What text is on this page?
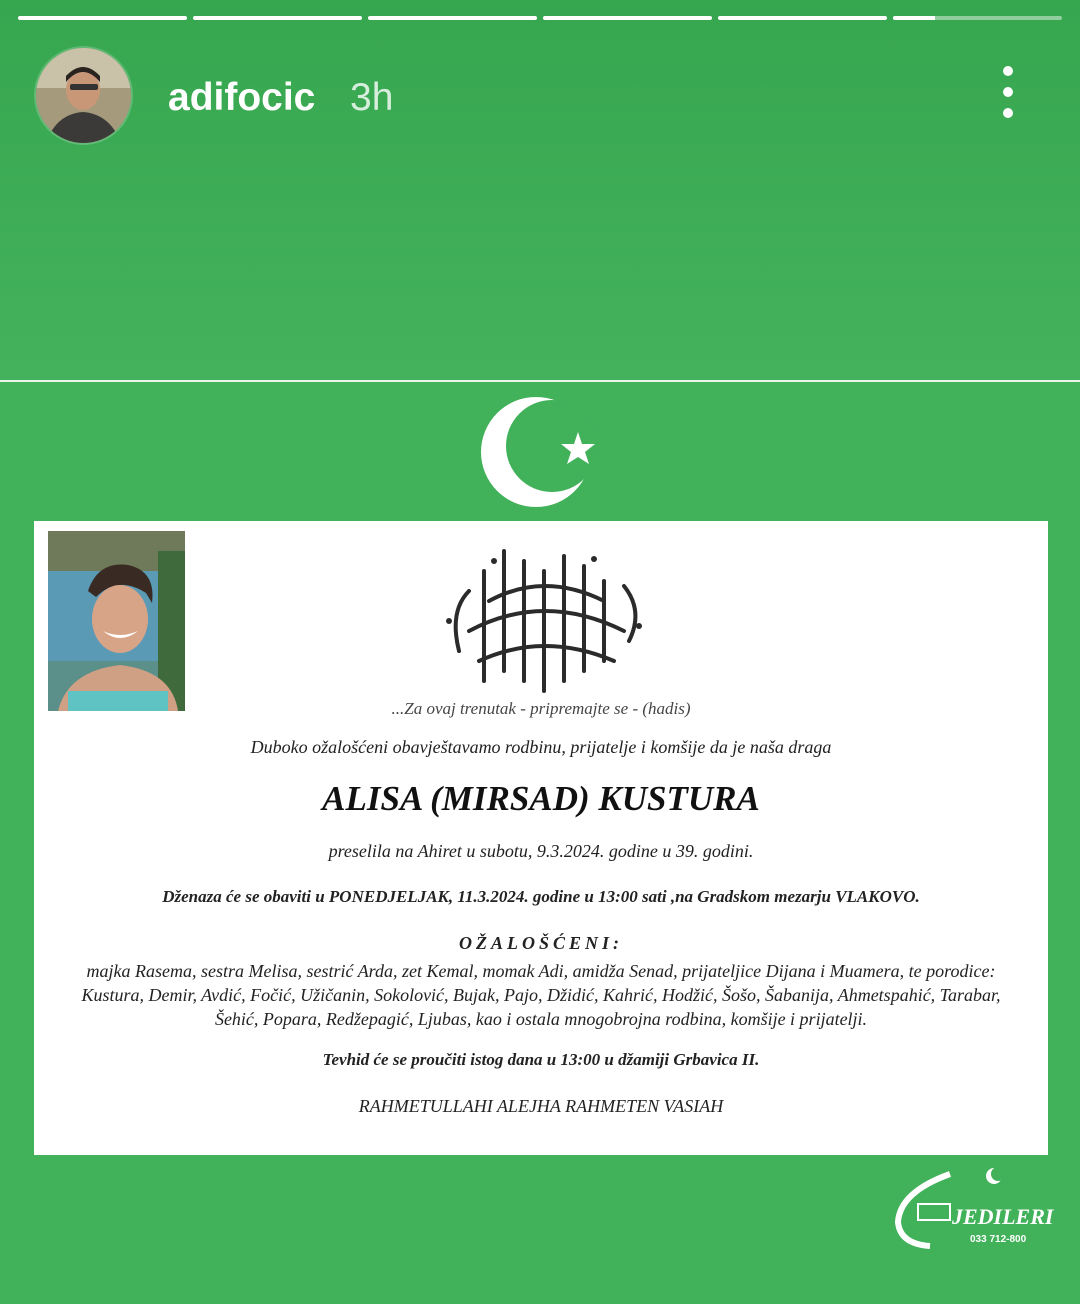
adifocic 3h
...Za ovaj trenutak - pripremajte se - (hadis)
Duboko ožalošćeni obavještavamo rodbinu, prijatelje i komšije da je naša draga
ALISA (MIRSAD) KUSTURA
preselila na Ahiret u subotu, 9.3.2024. godine u 39. godini.
Dženaza će se obaviti u PONEDJELJAK, 11.3.2024. godine u 13:00 sati ,na Gradskom mezarju VLAKOVO.
OŽALOŠĆENI:
majka Rasema, sestra Melisa, sestrić Arda, zet Kemal, momak Adi, amidža Senad, prijateljice Dijana i Muamera, te porodice: Kustura, Demir, Avdić, Fočić, Užičanin, Sokolović, Bujak, Pajo, Džidić, Kahrić, Hodžić, Šošo, Šabanija, Ahmetspahić, Tarabar, Šehić, Popara, Redžepagić, Ljubas, kao i ostala mnogobrojna rodbina, komšije i prijatelji.
Tevhid će se proučiti istog dana u 13:00 u džamiji Grbavica II.
RAHMETULLAHI ALEJHA RAHMETEN VASIAH
JEDILERI
033 712-800
